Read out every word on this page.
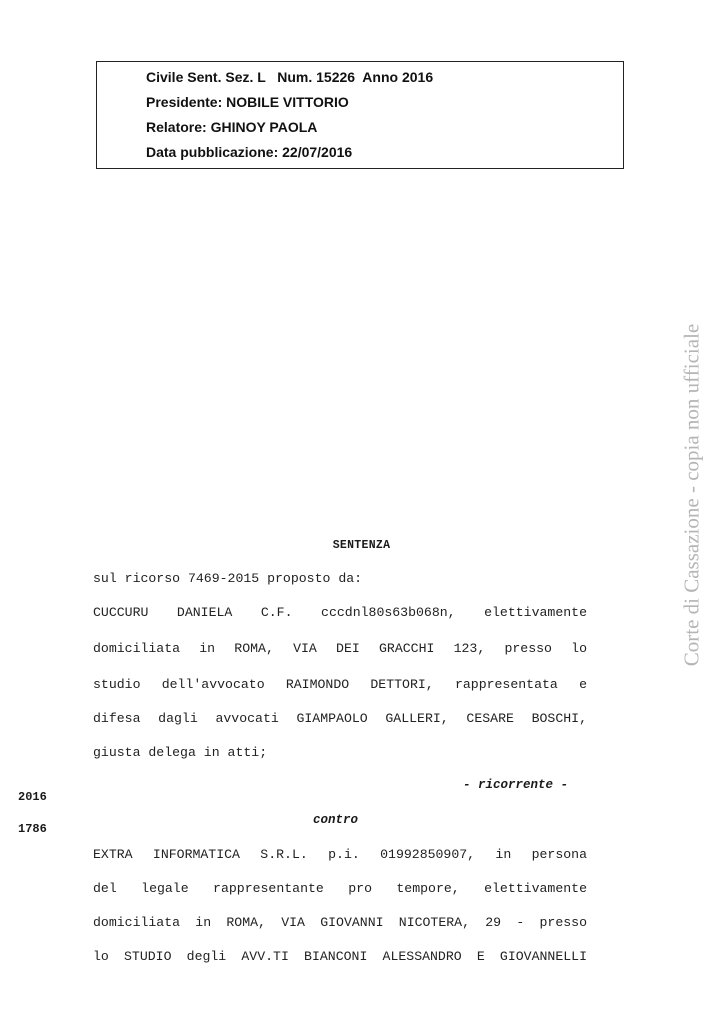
Civile Sent. Sez. L   Num. 15226  Anno 2016
Presidente: NOBILE VITTORIO
Relatore: GHINOY PAOLA
Data pubblicazione: 22/07/2016
Corte di Cassazione - copia non ufficiale
SENTENZA
sul ricorso 7469-2015 proposto da:
CUCCURU DANIELA C.F. cccdnl80s63b068n, elettivamente
domiciliata in ROMA, VIA DEI GRACCHI 123, presso lo
studio dell'avvocato RAIMONDO DETTORI, rappresentata e
difesa dagli avvocati GIAMPAOLO GALLERI, CESARE BOSCHI,
giusta delega in atti;
- ricorrente -
2016
contro
1786
EXTRA INFORMATICA S.R.L. p.i. 01992850907, in persona
del legale rappresentante pro tempore, elettivamente
domiciliata in ROMA, VIA GIOVANNI NICOTERA, 29 - presso
lo STUDIO degli AVV.TI BIANCONI ALESSANDRO E GIOVANNELLI
